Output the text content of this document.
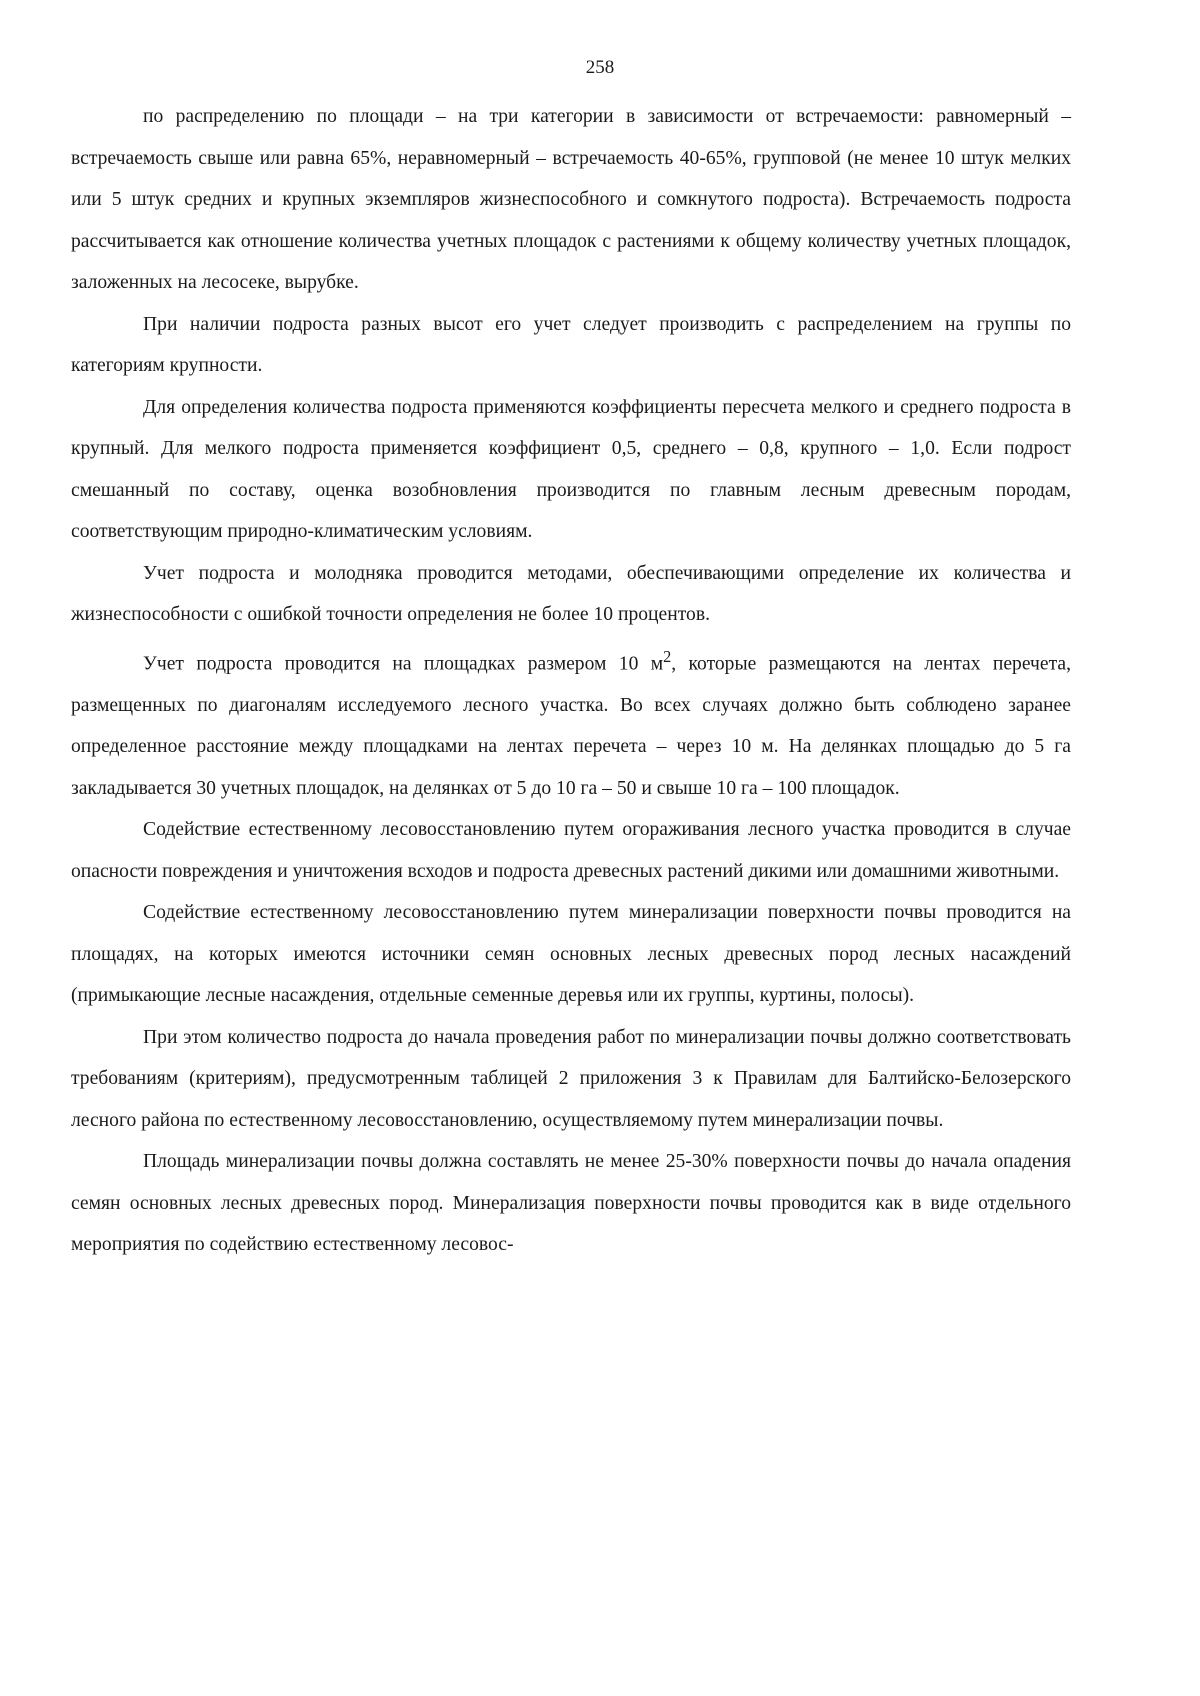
258

по распределению по площади – на три категории в зависимости от встречаемости: равномерный – встречаемость свыше или равна 65%, неравномерный – встречаемость 40-65%, групповой (не менее 10 штук мелких или 5 штук средних и крупных экземпляров жизнеспособного и сомкнутого подроста). Встречаемость подроста рассчитывается как отношение количества учетных площадок с растениями к общему количеству учетных площадок, заложенных на лесосеке, вырубке.

При наличии подроста разных высот его учет следует производить с распределением на группы по категориям крупности.

Для определения количества подроста применяются коэффициенты пересчета мелкого и среднего подроста в крупный. Для мелкого подроста применяется коэффициент 0,5, среднего – 0,8, крупного – 1,0. Если подрост смешанный по составу, оценка возобновления производится по главным лесным древесным породам, соответствующим природно-климатическим условиям.

Учет подроста и молодняка проводится методами, обеспечивающими определение их количества и жизнеспособности с ошибкой точности определения не более 10 процентов.

Учет подроста проводится на площадках размером 10 $м^2$, которые размещаются на лентах перечета, размещенных по диагоналям исследуемого лесного участка. Во всех случаях должно быть соблюдено заранее определенное расстояние между площадками на лентах перечета – через 10 м. На делянках площадью до 5 га закладывается 30 учетных площадок, на делянках от 5 до 10 га – 50 и свыше 10 га – 100 площадок.

Содействие естественному лесовосстановлению путем огораживания лесного участка проводится в случае опасности повреждения и уничтожения всходов и подроста древесных растений дикими или домашними животными.

Содействие естественному лесовосстановлению путем минерализации поверхности почвы проводится на площадях, на которых имеются источники семян основных лесных древесных пород лесных насаждений (примыкающие лесные насаждения, отдельные семенные деревья или их группы, куртины, полосы).

При этом количество подроста до начала проведения работ по минерализации почвы должно соответствовать требованиям (критериям), предусмотренным таблицей 2 приложения 3 к Правилам для Балтийско-Белозерского лесного района по естественному лесовосстановлению, осуществляемому путем минерализации почвы.

Площадь минерализации почвы должна составлять не менее 25-30% поверхности почвы до начала опадения семян основных лесных древесных пород. Минерализация поверхности почвы проводится как в виде отдельного мероприятия по содействию естественному лесовос-
